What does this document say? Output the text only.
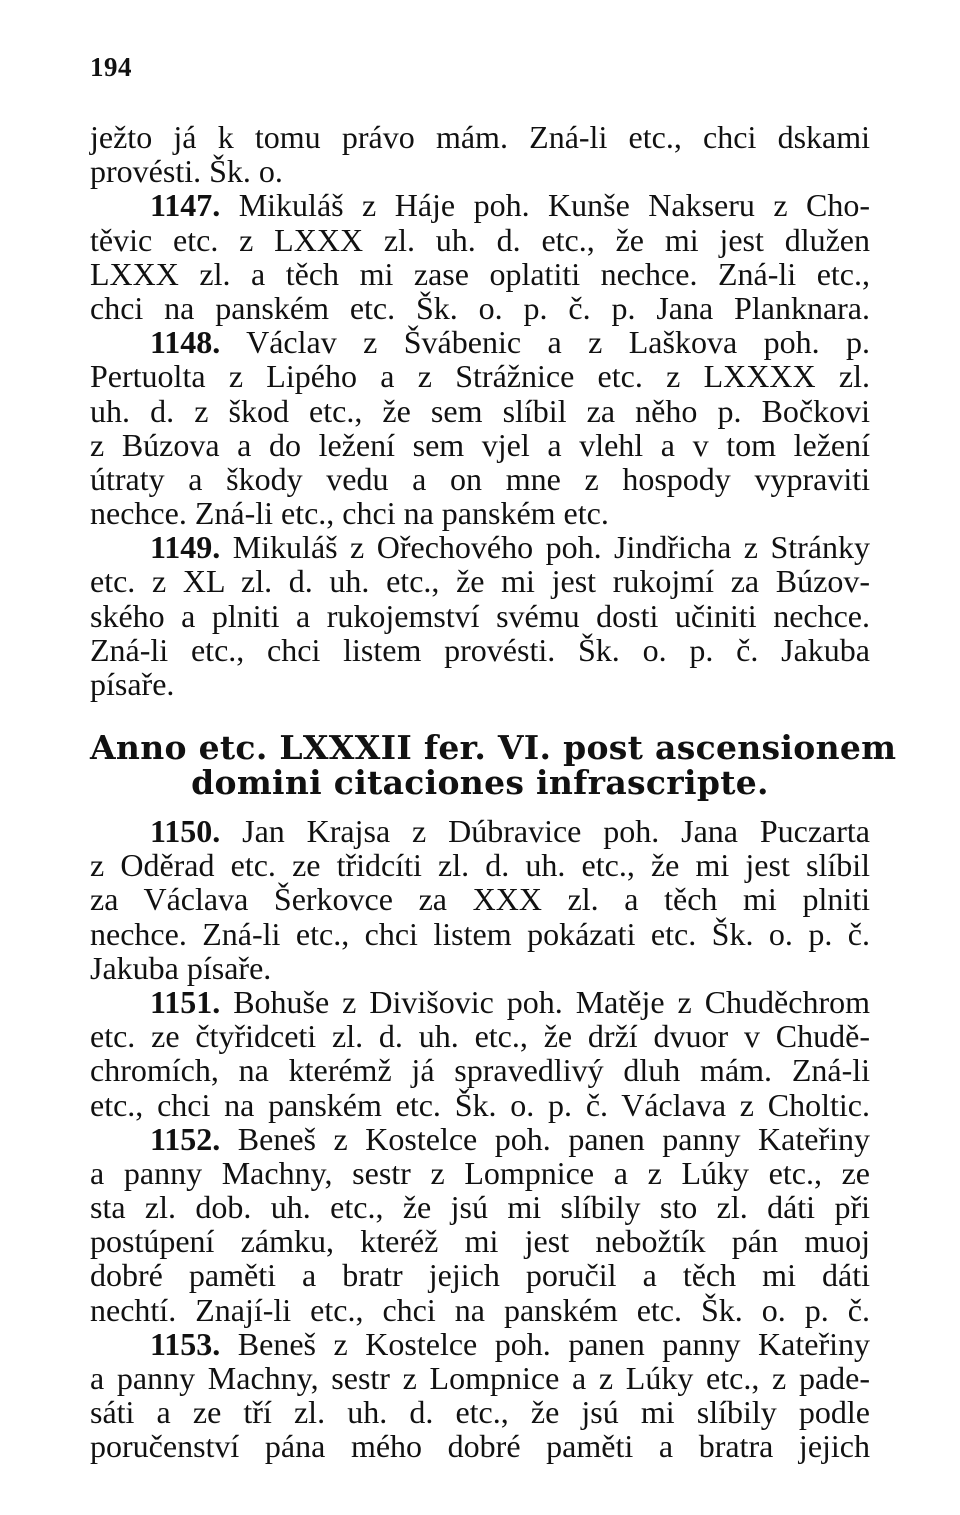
194
ježto já k tomu právo mám. Zná-li etc., chci dskami
provésti. Šk. o.
1147. Mikuláš z Háje poh. Kunše Nakseru z Cho-
těvic etc. z LXXX zl. uh. d. etc., že mi jest dlužen
LXXX zl. a těch mi zase oplatiti nechce. Zná-li etc.,
chci na panském etc. Šk. o. p. č. p. Jana Planknara.
1148. Václav z Švábenic a z Laškova poh. p.
Pertuolta z Lipého a z Strážnice etc. z LXXXX zl.
uh. d. z škod etc., že sem slíbil za něho p. Bočkovi
z Búzova a do ležení sem vjel a vlehl a v tom ležení
útraty a škody vedu a on mne z hospody vypraviti
nechce. Zná-li etc., chci na panském etc.
1149. Mikuláš z Ořechového poh. Jindřicha z Stránky
etc. z XL zl. d. uh. etc., že mi jest rukojmí za Búzov-
ského a plniti a rukojemství svému dosti učiniti nechce.
Zná-li etc., chci listem provésti. Šk. o. p. č. Jakuba
písaře.
Anno etc. LXXXII fer. VI. post ascensionem
domini citaciones infrascripte.
1150. Jan Krajsa z Dúbravice poh. Jana Puczarta
z Oděrad etc. ze třidcíti zl. d. uh. etc., že mi jest slíbil
za Václava Šerkovce za XXX zl. a těch mi plniti
nechce. Zná-li etc., chci listem pokázati etc. Šk. o. p. č.
Jakuba písaře.
1151. Bohuše z Divišovic poh. Matěje z Chuděchrom
etc. ze čtyřidceti zl. d. uh. etc., že drží dvuor v Chudě-
chromích, na kterémž já spravedlivý dluh mám. Zná-li
etc., chci na panském etc. Šk. o. p. č. Václava z Choltic.
1152. Beneš z Kostelce poh. panen panny Kateřiny
a panny Machny, sestr z Lompnice a z Lúky etc., ze
sta zl. dob. uh. etc., že jsú mi slíbily sto zl. dáti při
postúpení zámku, kteréž mi jest nebožtík pán muoj
dobré paměti a bratr jejich poručil a těch mi dáti
nechtí. Znají-li etc., chci na panském etc. Šk. o. p. č.
1153. Beneš z Kostelce poh. panen panny Kateřiny
a panny Machny, sestr z Lompnice a z Lúky etc., z pade-
sáti a ze tří zl. uh. d. etc., že jsú mi slíbily podle
poručenství pána mého dobré paměti a bratra jejich
